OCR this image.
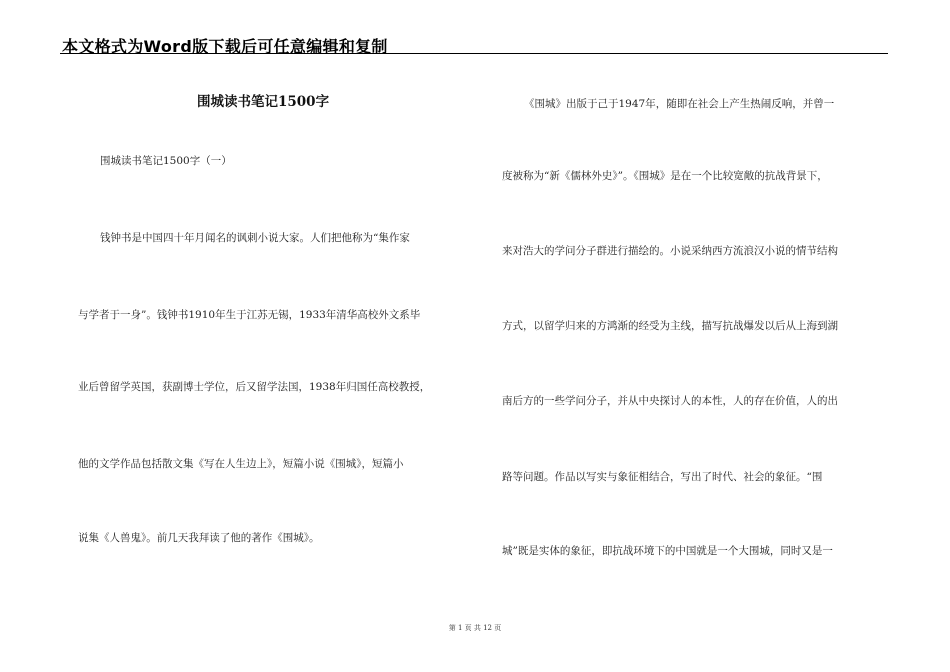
本文格式为Word版下载后可任意编辑和复制
围城读书笔记1500字
围城读书笔记1500字（一）
钱钟书是中国四十年月闻名的讽刺小说大家。人们把他称为“集作家
与学者于一身”。钱钟书1910年生于江苏无锡，1933年清华高校外文系毕
业后曾留学英国，获副博士学位，后又留学法国，1938年归国任高校教授，
他的文学作品包括散文集《写在人生边上》，短篇小说《围城》，短篇小
说集《人兽鬼》。前几天我拜读了他的著作《围城》。
《围城》出版于己于1947年，随即在社会上产生热闹反响，并曾一
度被称为“新《儒林外史》”。《围城》是在一个比较宽敞的抗战背景下，
来对浩大的学问分子群进行描绘的。小说采纳西方流浪汉小说的情节结构
方式，以留学归来的方鸿渐的经受为主线，描写抗战爆发以后从上海到湖
南后方的一些学问分子，并从中央探讨人的本性，人的存在价值，人的出
路等问题。作品以写实与象征相结合，写出了时代、社会的象征。“围
城”既是实体的象征，即抗战环境下的中国就是一个大围城，同时又是一
第 1 页 共 12 页
